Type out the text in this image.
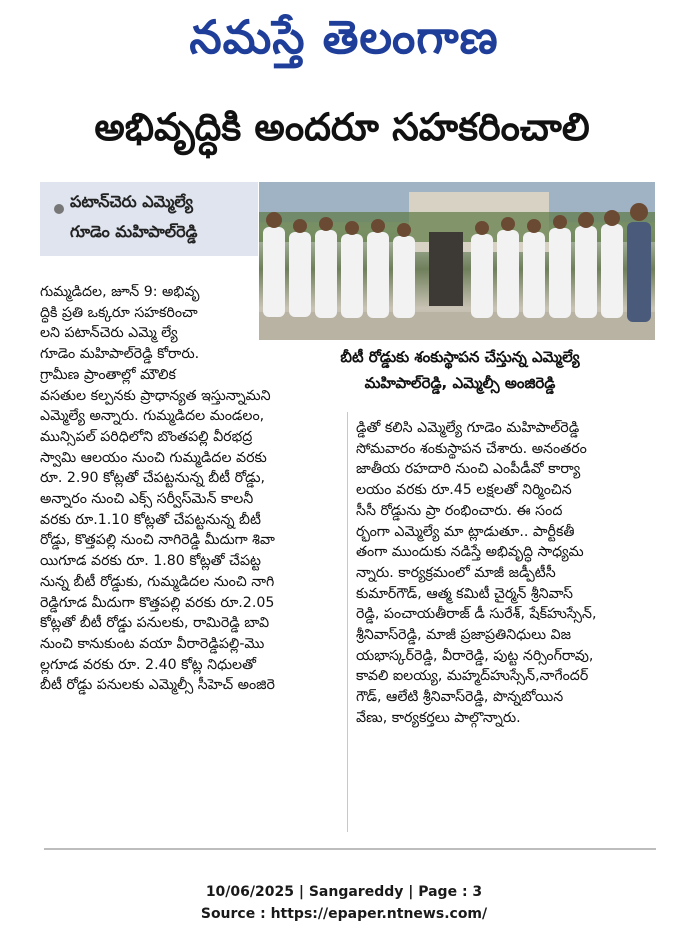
నమస్తే తెలంగాణ
అభివృద్ధికి అందరూ సహకరించాలి
పటాన్‌చెరు ఎమ్మెల్యే
గూడెం మహిపాల్‌రెడ్డి
బీటీ రోడ్డుకు శంకుస్థాపన చేస్తున్న ఎమ్మెల్యే
మహిపాల్‌రెడ్డి, ఎమ్మెల్సీ అంజిరెడ్డి

గుమ్మడిదల, జూన్ 9: అభివృ

ద్ధికి ప్రతి ఒక్కరూ సహకరించా

లని పటాన్‌చెరు ఎమ్మె ల్యే

గూడెం మహిపాల్‌రెడ్డి కోరారు.

గ్రామీణ ప్రాంతాల్లో మౌలిక

వసతుల కల్పనకు ప్రాధాన్యత ఇస్తున్నామని

ఎమ్మెల్యే అన్నారు. గుమ్మడిదల మండలం,

మున్సిపల్ పరిధిలోని బొంతపల్లి వీరభద్ర

స్వామి ఆలయం నుంచి గుమ్మడిదల వరకు

రూ. 2.90 కోట్లతో చేపట్టనున్న బీటీ రోడ్డు,

అన్నారం నుంచి ఎక్స్ సర్వీస్‌మెన్ కాలనీ

వరకు రూ.1.10 కోట్లతో చేపట్టనున్న బీటీ

రోడ్డు, కొత్తపల్లి నుంచి నాగిరెడ్డి మీదుగా శివా

యిగూడ వరకు రూ. 1.80 కోట్లతో చేపట్ట

నున్న బీటీ రోడ్డుకు, గుమ్మడిదల నుంచి నాగి

రెడ్డిగూడ మీదుగా కొత్తపల్లి వరకు రూ.2.05

కోట్లతో బీటీ రోడ్డు పనులకు, రామిరెడ్డి బావి

నుంచి కానుకుంట వయా వీరారెడ్డిపల్లి-మొ

ల్లగూడ వరకు రూ. 2.40 కోట్ల నిధులతో

బీటీ రోడ్డు పనులకు ఎమ్మెల్సీ సీహెచ్ అంజిరె

డ్డితో కలిసి ఎమ్మెల్యే గూడెం మహిపాల్‌రెడ్డి

సోమవారం శంకుస్థాపన చేశారు. అనంతరం

జాతీయ రహదారి నుంచి ఎంపీడీవో కార్యా

లయం వరకు రూ.45 లక్షలతో నిర్మించిన

సీసీ రోడ్డును ప్రా రంభించారు. ఈ సంద

ర్భంగా ఎమ్మెల్యే మా ట్లాడుతూ.. పార్టీకతీ

తంగా ముందుకు నడిస్తే అభివృద్ధి సాధ్యమ

న్నారు. కార్యక్రమంలో మాజీ జడ్పీటీసీ

కుమార్‌గౌడ్, ఆత్మ కమిటీ చైర్మన్ శ్రీనివాస్

రెడ్డి, పంచాయతీరాజ్ డీ సురేశ్, షేక్‌హుస్సేన్,

శ్రీనివాస్‌రెడ్డి, మాజీ ప్రజాప్రతినిధులు విజ

యభాస్కర్‌రెడ్డి, వీరారెడ్డి, పుట్ట నర్సింగ్‌రావు,

కావలి ఐలయ్య, మహ్మద్‌హుస్సేన్,నాగేందర్

గౌడ్, ఆలేటి శ్రీనివాస్‌రెడ్డి, పొన్నబోయిన

వేణు, కార్యకర్తలు పాల్గొన్నారు.

10/06/2025 | Sangareddy | Page : 3
Source : https://epaper.ntnews.com/
